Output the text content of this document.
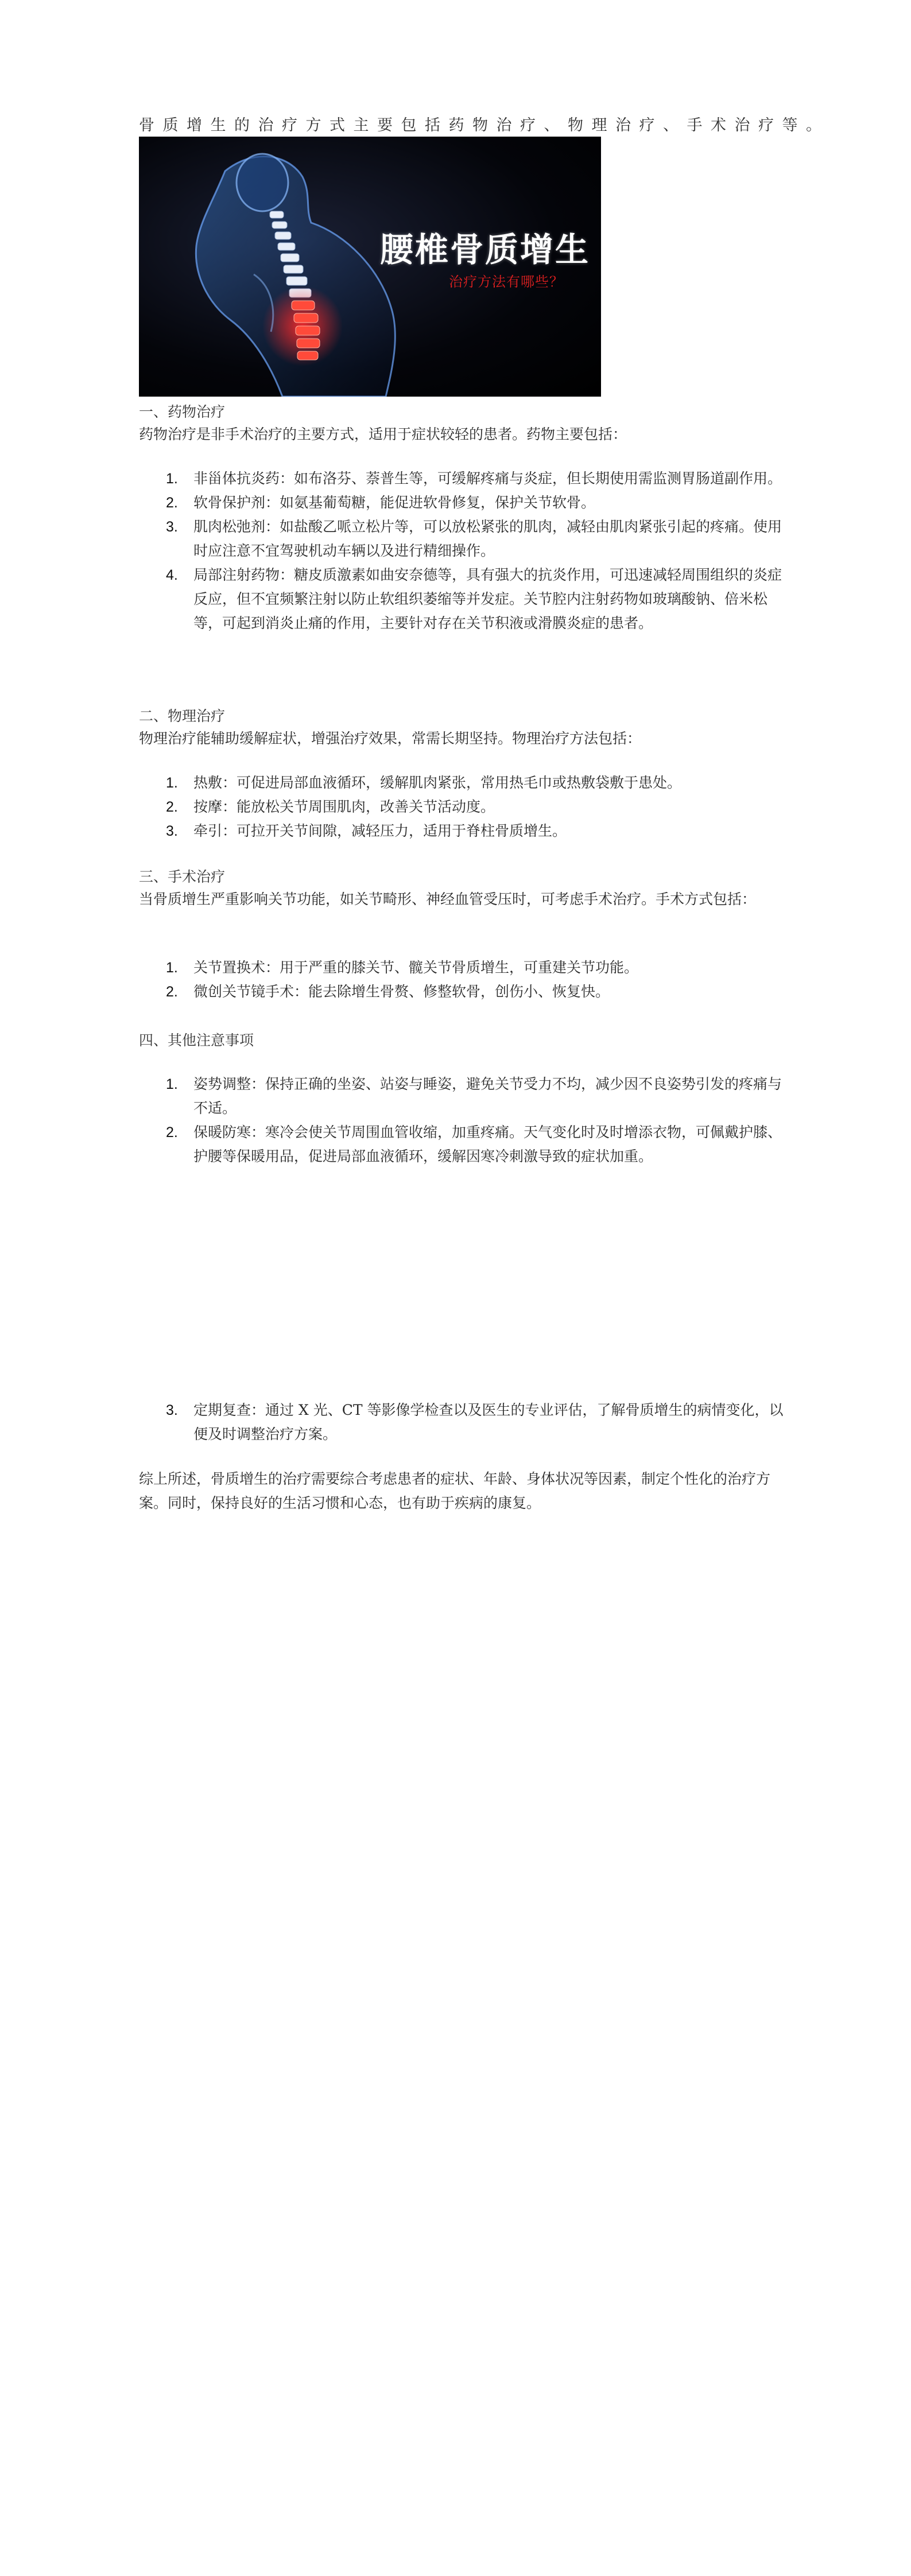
骨质增生的治疗方式主要包括药物治疗、物理治疗、手术治疗等。
腰椎骨质增生
治疗方法有哪些？
一、药物治疗
药物治疗是非手术治疗的主要方式，适用于症状较轻的患者。药物主要包括：
1. 非甾体抗炎药：如布洛芬、萘普生等，可缓解疼痛与炎症，但长期使用需监测胃肠道副作用。
2. 软骨保护剂：如氨基葡萄糖，能促进软骨修复，保护关节软骨。
3. 肌肉松弛剂：如盐酸乙哌立松片等，可以放松紧张的肌肉，减轻由肌肉紧张引起的疼痛。使用时应注意不宜驾驶机动车辆以及进行精细操作。
4. 局部注射药物：糖皮质激素如曲安奈德等，具有强大的抗炎作用，可迅速减轻周围组织的炎症反应，但不宜频繁注射以防止软组织萎缩等并发症。关节腔内注射药物如玻璃酸钠、倍米松等，可起到消炎止痛的作用，主要针对存在关节积液或滑膜炎症的患者。
二、物理治疗
物理治疗能辅助缓解症状，增强治疗效果，常需长期坚持。物理治疗方法包括：
1. 热敷：可促进局部血液循环，缓解肌肉紧张，常用热毛巾或热敷袋敷于患处。
2. 按摩：能放松关节周围肌肉，改善关节活动度。
3. 牵引：可拉开关节间隙，减轻压力，适用于脊柱骨质增生。
三、手术治疗
当骨质增生严重影响关节功能，如关节畸形、神经血管受压时，可考虑手术治疗。手术方式包括：
1. 关节置换术：用于严重的膝关节、髋关节骨质增生，可重建关节功能。
2. 微创关节镜手术：能去除增生骨赘、修整软骨，创伤小、恢复快。
四、其他注意事项
1. 姿势调整：保持正确的坐姿、站姿与睡姿，避免关节受力不均，减少因不良姿势引发的疼痛与不适。
2. 保暖防寒：寒冷会使关节周围血管收缩，加重疼痛。天气变化时及时增添衣物，可佩戴护膝、护腰等保暖用品，促进局部血液循环，缓解因寒冷刺激导致的症状加重。
3. 定期复查：通过 X 光、CT 等影像学检查以及医生的专业评估，了解骨质增生的病情变化，以便及时调整治疗方案。
综上所述，骨质增生的治疗需要综合考虑患者的症状、年龄、身体状况等因素，制定个性化的治疗方案。同时，保持良好的生活习惯和心态，也有助于疾病的康复。
